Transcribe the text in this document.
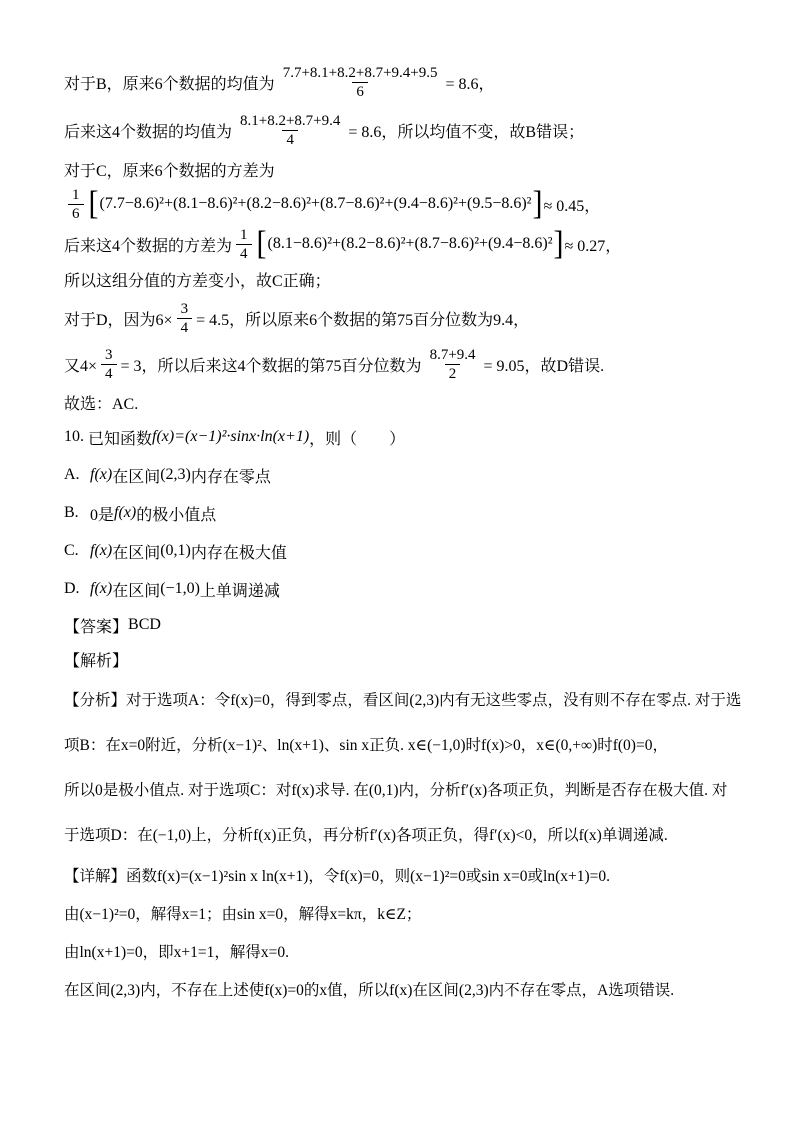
对于B，原来6个数据的均值为 $\frac{7.7+8.1+8.2+8.7+9.4+9.5}{6} = 8.6$，
后来这4个数据的均值为 $\frac{8.1+8.2+8.7+9.4}{4} = 8.6$，所以均值不变，故B错误；
对于C，原来6个数据的方差为
$\frac{1}{6}$ [ (7.7−8.6)²+(8.1−8.6)²+(8.2−8.6)²+(8.7−8.6)²+(9.4−8.6)²+(9.5−8.6)² ] ≈ 0.45，
后来这4个数据的方差为 $\frac{1}{4}$ [ (8.1−8.6)²+(8.2−8.6)²+(8.7−8.6)²+(9.4−8.6)² ] ≈ 0.27，
所以这组分值的方差变小，故C正确；
对于D，因为$6\times \frac{3}{4} = 4.5$，所以原来6个数据的第75百分位数为9.4，
又$4\times \frac{3}{4} = 3$，所以后来这4个数据的第75百分位数为 $\frac{8.7+9.4}{2} = 9.05$，故D错误.
故选：AC.
10. 已知函数 f(x)=(x−1)²·sinx·ln(x+1) ，则（　　）
A. f(x) 在区间 (2,3) 内存在零点
B. 0是 f(x) 的极小值点
C. f(x) 在区间 (0,1) 内存在极大值
D. f(x) 在区间 (−1,0) 上单调递减
【答案】 BCD
【解析】
【分析】对于选项A：令f(x)=0，得到零点，看区间(2,3)内有无这些零点，没有则不存在零点. 对于选
项B：在x=0附近，分析(x−1)²、ln(x+1)、sin x正负. x∈(−1,0)时f(x)>0，x∈(0,+∞)时f(0)=0，
所以0是极小值点. 对于选项C：对f(x)求导. 在(0,1)内，分析f′(x)各项正负，判断是否存在极大值. 对
于选项D：在(−1,0)上，分析f(x)正负，再分析f′(x)各项正负，得f′(x)<0，所以f(x)单调递减.
【详解】函数f(x)=(x−1)²sin x ln(x+1)，令f(x)=0，则(x−1)²=0或sin x=0或ln(x+1)=0.
由(x−1)²=0，解得x=1；由sin x=0，解得x=kπ，k∈Z；
由ln(x+1)=0，即x+1=1，解得x=0.
在区间(2,3)内，不存在上述使f(x)=0的x值，所以f(x)在区间(2,3)内不存在零点，A选项错误.
